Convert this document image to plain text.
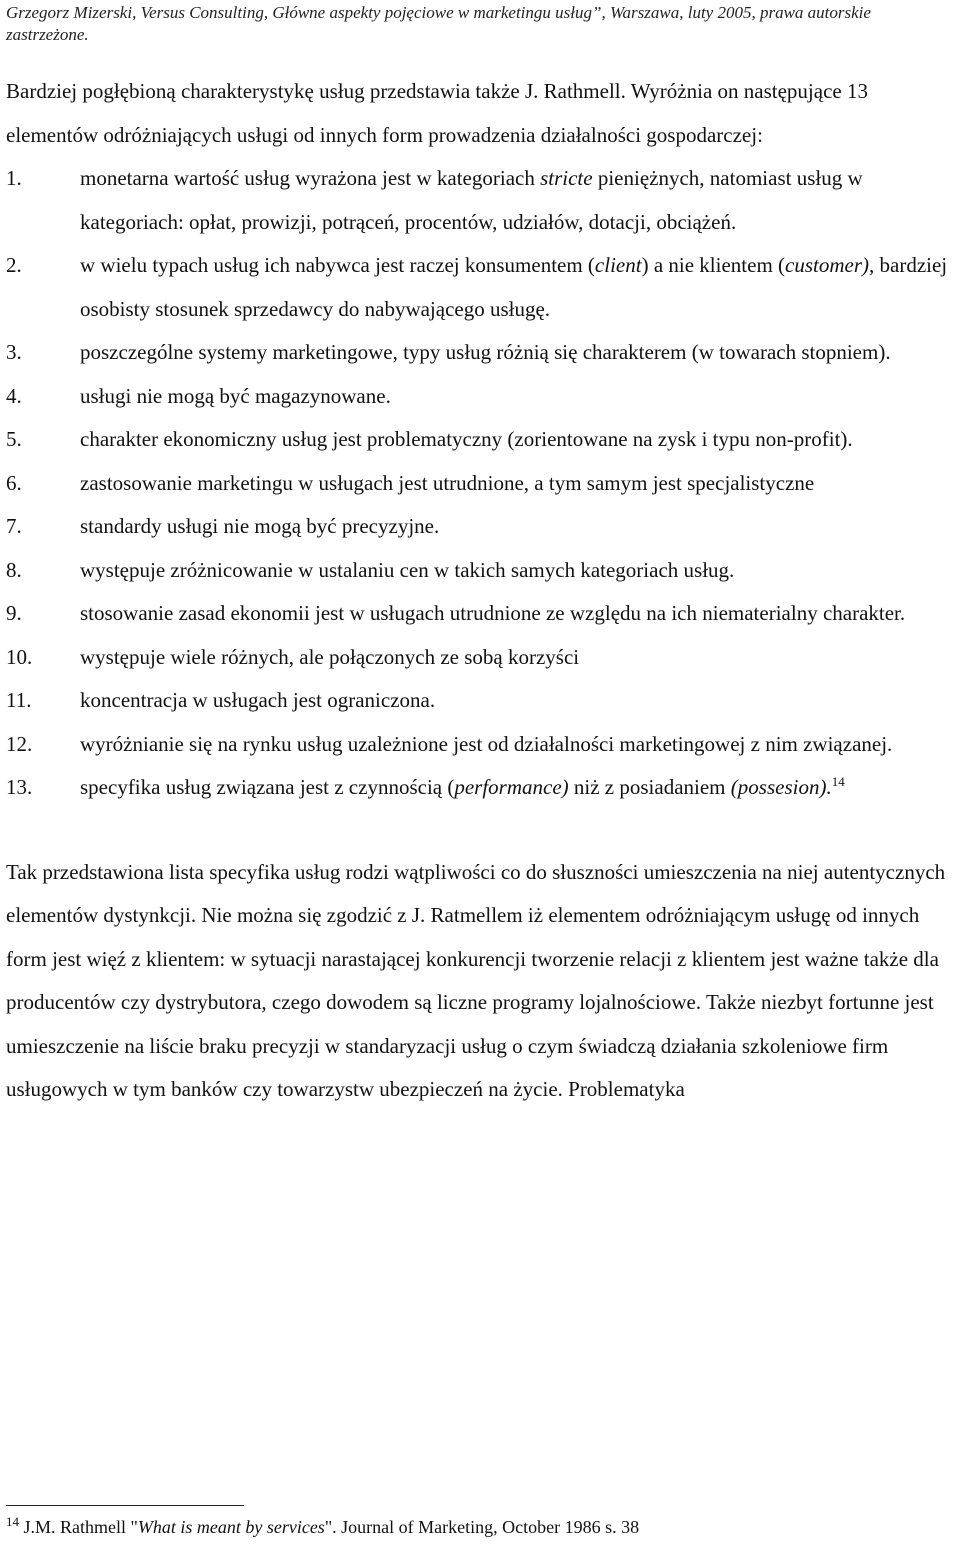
Grzegorz Mizerski, Versus Consulting, Główne aspekty pojęciowe w marketingu usług”, Warszawa, luty 2005, prawa autorskie zastrzeżone.

Bardziej pogłębioną charakterystykę usług przedstawia także J. Rathmell. Wyróżnia on następujące 13 elementów odróżniających usługi od innych form prowadzenia działalności gospodarczej:

1.	monetarna wartość usług wyrażona jest w kategoriach stricte pieniężnych, natomiast usług w kategoriach: opłat, prowizji, potrąceń, procentów, udziałów, dotacji, obciążeń.
2.	w wielu typach usług ich nabywca jest raczej konsumentem (client) a nie klientem (customer), bardziej osobisty stosunek sprzedawcy do nabywającego usługę.
3.	poszczególne systemy marketingowe, typy usług różnią się charakterem (w towarach stopniem).
4.	usługi nie mogą być magazynowane.
5.	charakter ekonomiczny usług jest problematyczny (zorientowane na zysk i typu non-profit).
6.	zastosowanie marketingu w usługach jest utrudnione, a tym samym jest specjalistyczne
7.	standardy usługi nie mogą być precyzyjne.
8.	występuje zróżnicowanie w ustalaniu cen w takich samych kategoriach usług.
9.	stosowanie zasad ekonomii jest w usługach utrudnione ze względu na ich niematerialny charakter.
10. występuje wiele różnych, ale połączonych ze sobą korzyści
11. koncentracja w usługach jest ograniczona.
12. wyróżnianie się na rynku usług uzależnione jest od działalności marketingowej z nim związanej.
13. specyfika usług związana jest z czynnością (performance) niż z posiadaniem (possesion).$^{14}$

Tak przedstawiona lista specyfika usług rodzi wątpliwości co do słuszności umieszczenia na niej autentycznych elementów dystynkcji. Nie można się zgodzić z J. Ratmellem iż elementem odróżniającym usługę od innych form jest więź z klientem: w sytuacji narastającej konkurencji tworzenie relacji z klientem jest ważne także dla producentów czy dystrybutora, czego dowodem są liczne programy lojalnościowe. Także niezbyt fortunne jest umieszczenie na liście braku precyzji w standaryzacji usług o czym świadczą działania szkoleniowe firm usługowych w tym banków czy towarzystw ubezpieczeń na życie. Problematyka

$^{14}$ J.M. Rathmell "What is meant by services". Journal of Marketing, October 1986 s. 38
